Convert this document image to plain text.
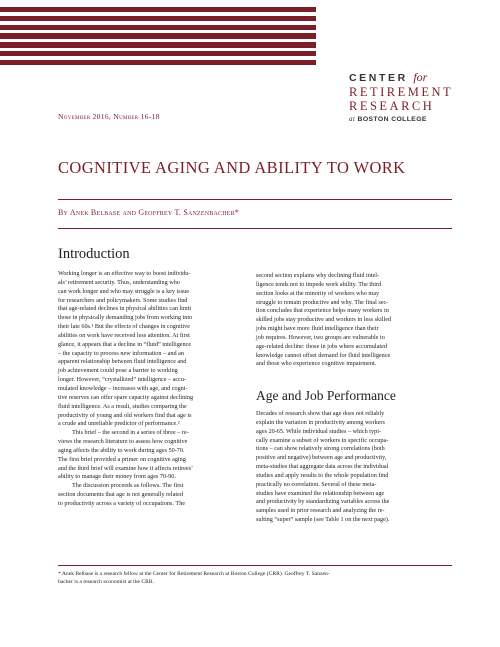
CENTER for
RETIREMENT
RESEARCH
at BOSTON COLLEGE
November 2016, Number 16-18
COGNITIVE AGING AND ABILITY TO WORK
By Anek Belbase and Geoffrey T. Sanzenbacher*
Introduction

Working longer is an effective way to boost individu-
als’ retirement security. Thus, understanding who
can work longer and who may struggle is a key issue
for researchers and policymakers. Some studies find
that age-related declines in physical abilities can limit
those in physically demanding jobs from working into
their late 60s.¹ But the effects of changes in cognitive
abilities on work have received less attention. At first
glance, it appears that a decline in “fluid” intelligence
– the capacity to process new information – and an
apparent relationship between fluid intelligence and
job achievement could pose a barrier to working
longer. However, “crystallized” intelligence – accu-
mulated knowledge – increases with age, and cogni-
tive reserves can offer spare capacity against declining
fluid intelligence. As a result, studies comparing the
productivity of young and old workers find that age is
a crude and unreliable predictor of performance.²

This brief – the second in a series of three – re-
views the research literature to assess how cognitive
aging affects the ability to work during ages 50-70.
The first brief provided a primer on cognitive aging
and the third brief will examine how it affects retirees’
ability to manage their money from ages 70-90.

The discussion proceeds as follows. The first
section documents that age is not generally related
to productivity across a variety of occupations. The

second section explains why declining fluid intel-
ligence tends not to impede work ability. The third
section looks at the minority of workers who may
struggle to remain productive and why. The final sec-
tion concludes that experience helps many workers in
skilled jobs stay productive and workers in less skilled
jobs might have more fluid intelligence than their
job requires. However, two groups are vulnerable to
age-related decline: those in jobs where accumulated
knowledge cannot offset demand for fluid intelligence
and those who experience cognitive impairment.

Age and Job Performance

Decades of research show that age does not reliably
explain the variation in productivity among workers
ages 20-65. While individual studies – which typi-
cally examine a subset of workers in specific occupa-
tions – can show relatively strong correlations (both
positive and negative) between age and productivity,
meta-studies that aggregate data across the individual
studies and apply results to the whole population find
practically no correlation. Several of these meta-
studies have examined the relationship between age
and productivity by standardizing variables across the
samples used in prior research and analyzing the re-
sulting “super” sample (see Table 1 on the next page).

* Anek Belbase is a research fellow at the Center for Retirement Research at Boston College (CRR). Geoffrey T. Sanzen-
bacher is a research economist at the CRR.
